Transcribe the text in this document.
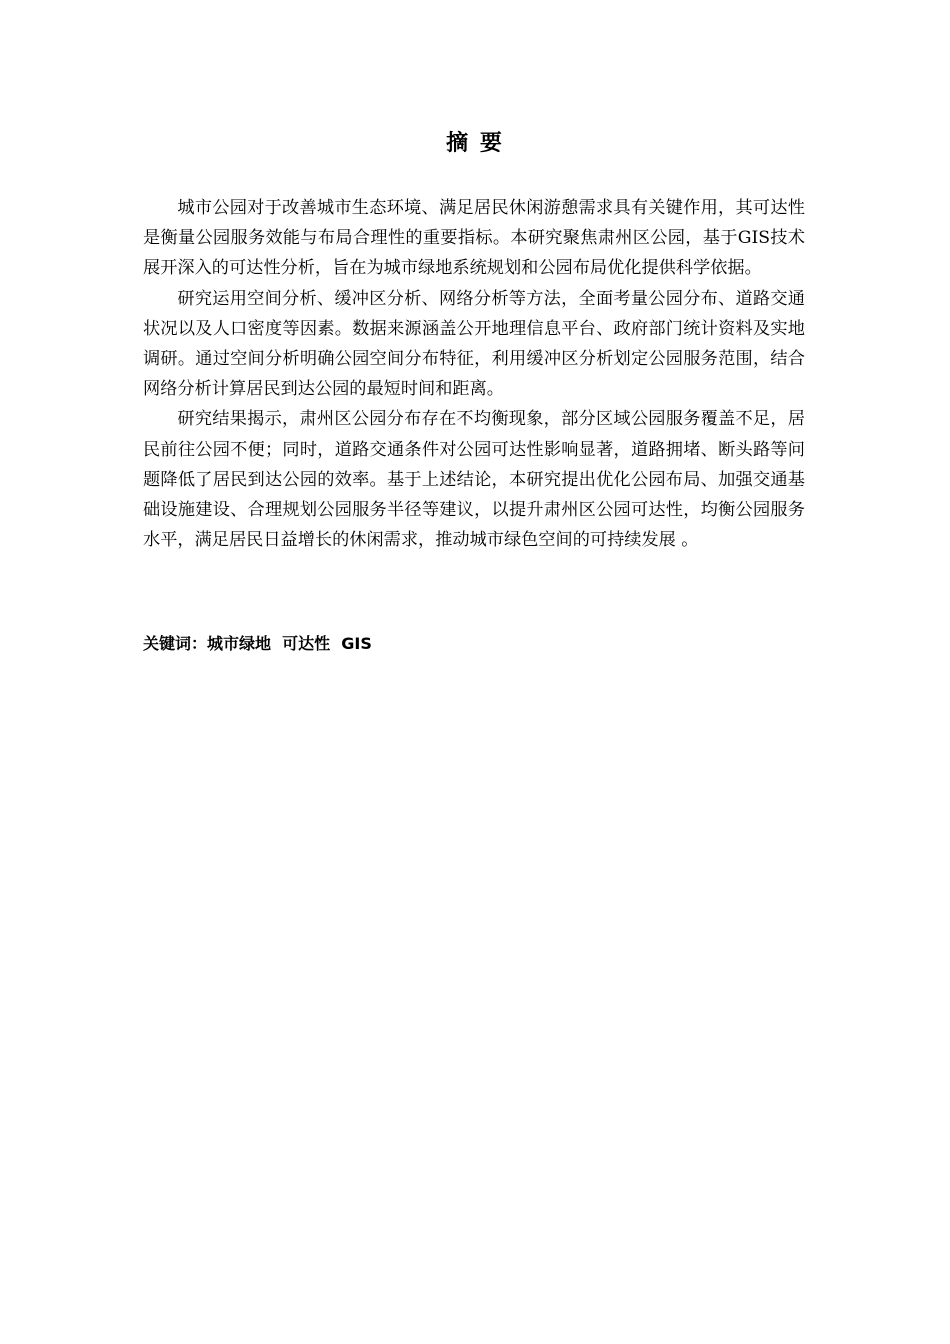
摘 要

城市公园对于改善城市生态环境、满足居民休闲游憩需求具有关键作用，其可达性是衡量公园服务效能与布局合理性的重要指标。本研究聚焦肃州区公园，基于GIS技术展开深入的可达性分析，旨在为城市绿地系统规划和公园布局优化提供科学依据。

研究运用空间分析、缓冲区分析、网络分析等方法，全面考量公园分布、道路交通状况以及人口密度等因素。数据来源涵盖公开地理信息平台、政府部门统计资料及实地调研。通过空间分析明确公园空间分布特征，利用缓冲区分析划定公园服务范围，结合网络分析计算居民到达公园的最短时间和距离。

研究结果揭示，肃州区公园分布存在不均衡现象，部分区域公园服务覆盖不足，居民前往公园不便；同时，道路交通条件对公园可达性影响显著，道路拥堵、断头路等问题降低了居民到达公园的效率。基于上述结论，本研究提出优化公园布局、加强交通基础设施建设、合理规划公园服务半径等建议，以提升肃州区公园可达性，均衡公园服务水平，满足居民日益增长的休闲需求，推动城市绿色空间的可持续发展 。

关键词：城市绿地  可达性  GIS
